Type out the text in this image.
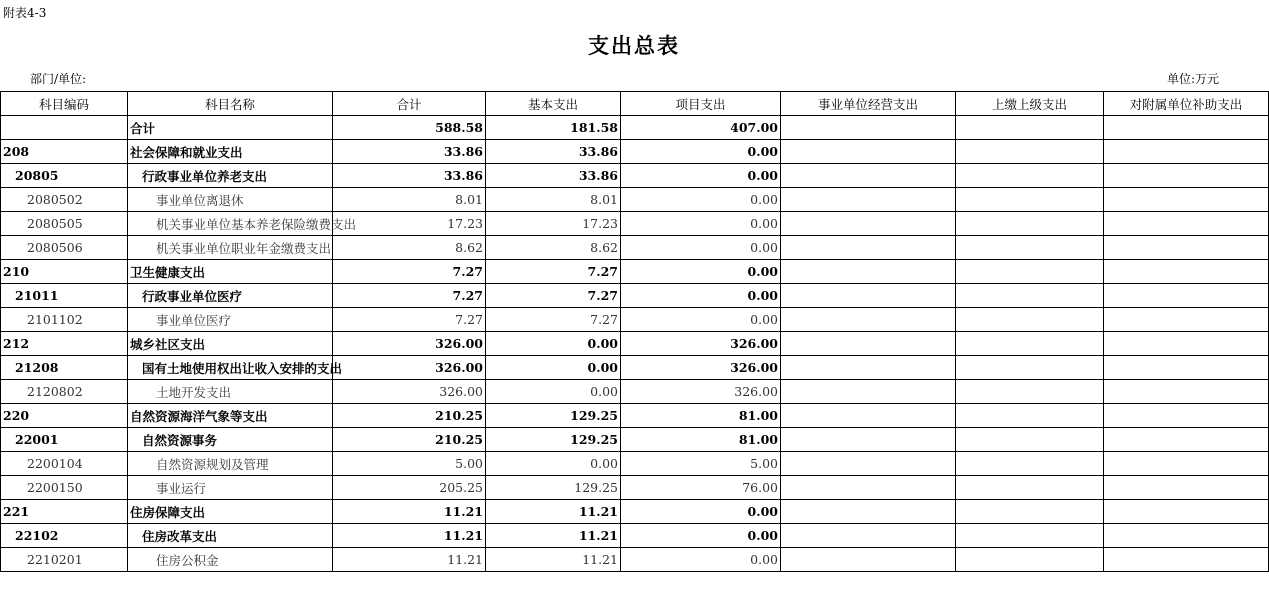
附表4-3
支出总表
部门/单位:	单位:万元
科目编码	科目名称	合计	基本支出	项目支出	事业单位经营支出	上缴上级支出	对附属单位补助支出
	合计	588.58	181.58	407.00			
208	社会保障和就业支出	33.86	33.86	0.00			
20805	行政事业单位养老支出	33.86	33.86	0.00			
2080502	事业单位离退休	8.01	8.01	0.00			
2080505	机关事业单位基本养老保险缴费支出	17.23	17.23	0.00			
2080506	机关事业单位职业年金缴费支出	8.62	8.62	0.00			
210	卫生健康支出	7.27	7.27	0.00			
21011	行政事业单位医疗	7.27	7.27	0.00			
2101102	事业单位医疗	7.27	7.27	0.00			
212	城乡社区支出	326.00	0.00	326.00			
21208	国有土地使用权出让收入安排的支出	326.00	0.00	326.00			
2120802	土地开发支出	326.00	0.00	326.00			
220	自然资源海洋气象等支出	210.25	129.25	81.00			
22001	自然资源事务	210.25	129.25	81.00			
2200104	自然资源规划及管理	5.00	0.00	5.00			
2200150	事业运行	205.25	129.25	76.00			
221	住房保障支出	11.21	11.21	0.00			
22102	住房改革支出	11.21	11.21	0.00			
2210201	住房公积金	11.21	11.21	0.00			
